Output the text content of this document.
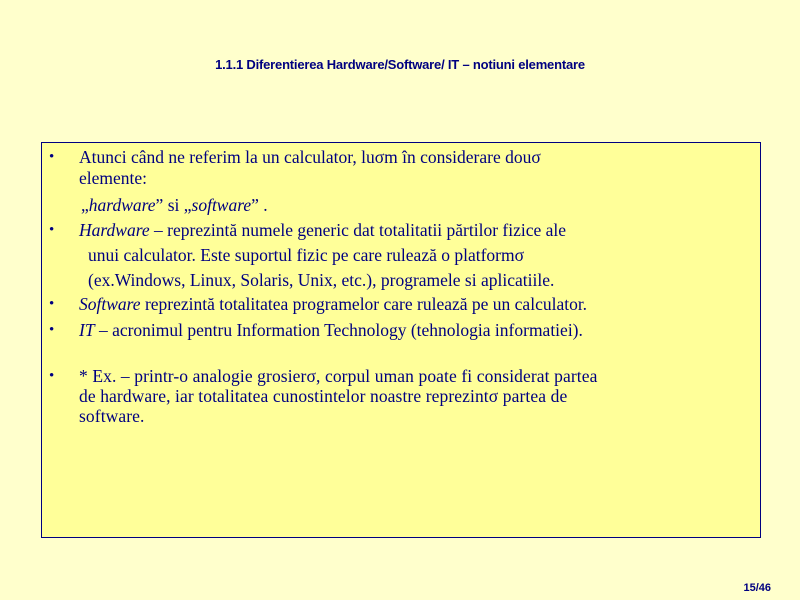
1.1.1 Diferentierea Hardware/Software/ IT – notiuni elementare
• Atunci când ne referim la un calculator, luσm în considerare douσ
elemente:
„hardware” si „software” .
• Hardware – reprezintă numele generic dat totalitatii părtilor fizice ale
unui calculator. Este suportul fizic pe care rulează o platformσ
(ex.Windows, Linux, Solaris, Unix, etc.), programele si aplicatiile.
• Software reprezintă totalitatea programelor care rulează pe un calculator.
• IT – acronimul pentru Information Technology (tehnologia informatiei).
• * Ex. – printr-o analogie grosierσ, corpul uman poate fi considerat partea
de hardware, iar totalitatea cunostintelor noastre reprezintσ partea de
software.
15/46
